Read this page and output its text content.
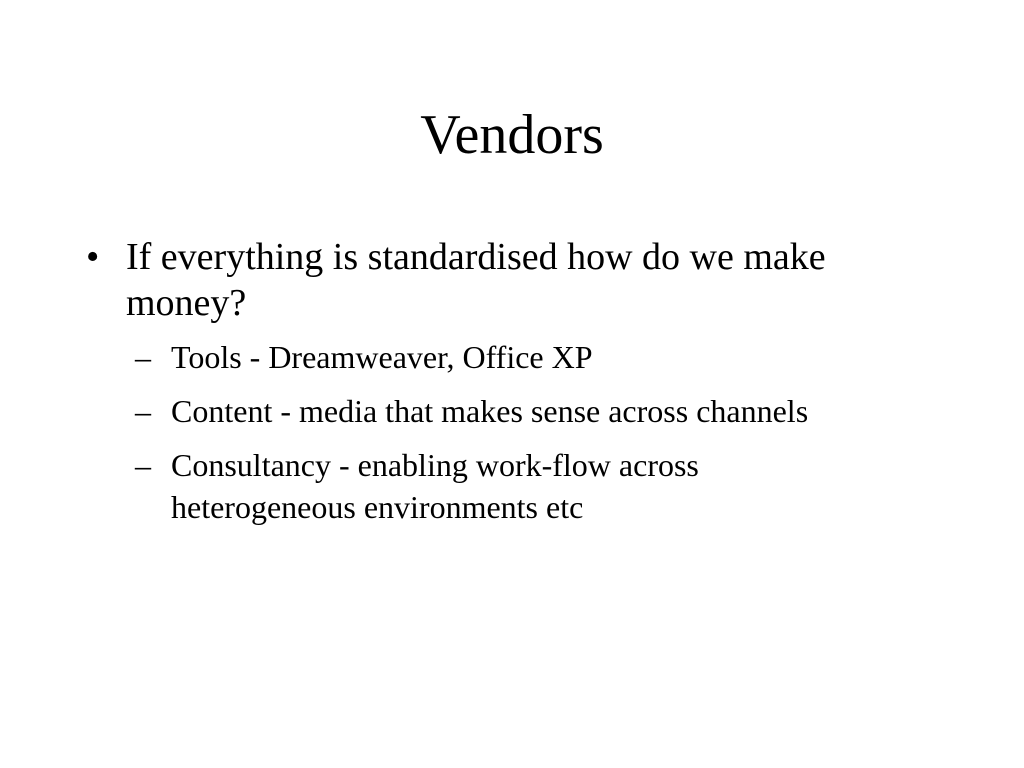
Vendors
• If everything is standardised how do we make money?
– Tools - Dreamweaver, Office XP
– Content - media that makes sense across channels
– Consultancy - enabling work-flow across heterogeneous environments etc
